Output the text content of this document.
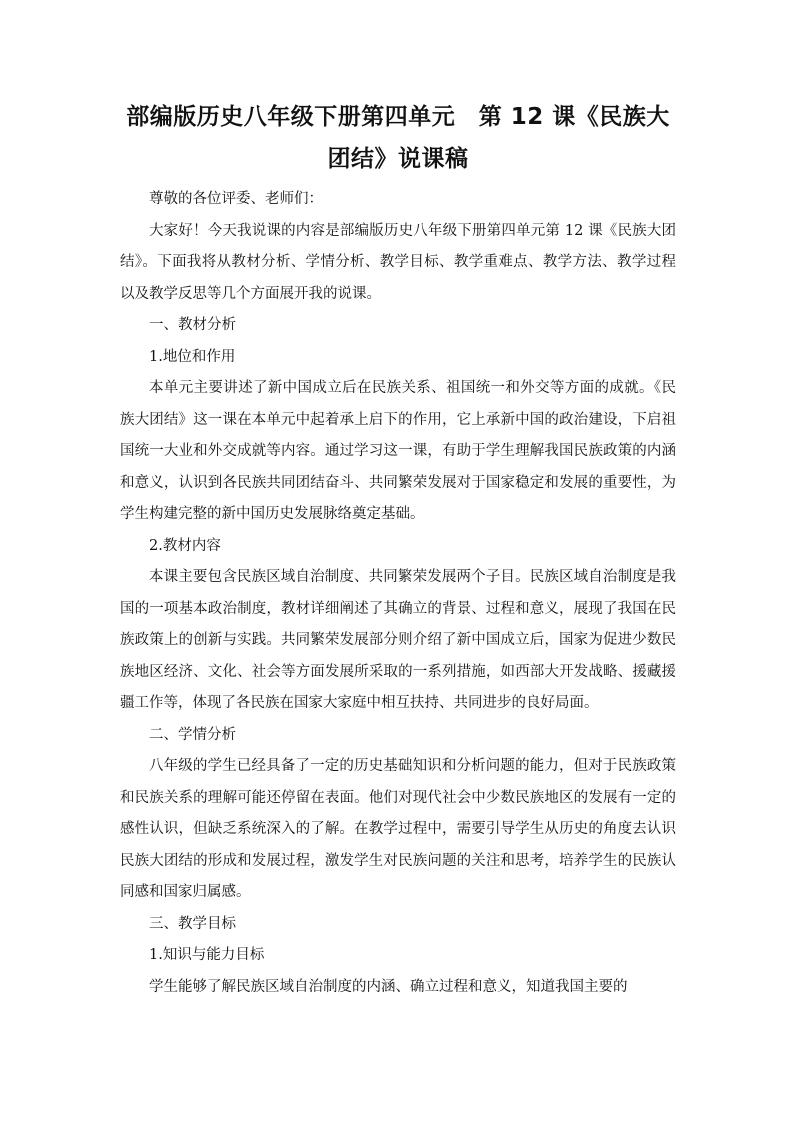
部编版历史八年级下册第四单元　第 12 课《民族大
团结》说课稿

尊敬的各位评委、老师们：

大家好！今天我说课的内容是部编版历史八年级下册第四单元第 12 课《民族大团结》。下面我将从教材分析、学情分析、教学目标、教学重难点、教学方法、教学过程以及教学反思等几个方面展开我的说课。

一、教材分析

1.地位和作用

本单元主要讲述了新中国成立后在民族关系、祖国统一和外交等方面的成就。《民族大团结》这一课在本单元中起着承上启下的作用，它上承新中国的政治建设，下启祖国统一大业和外交成就等内容。通过学习这一课，有助于学生理解我国民族政策的内涵和意义，认识到各民族共同团结奋斗、共同繁荣发展对于国家稳定和发展的重要性，为学生构建完整的新中国历史发展脉络奠定基础。

2.教材内容

本课主要包含民族区域自治制度、共同繁荣发展两个子目。民族区域自治制度是我国的一项基本政治制度，教材详细阐述了其确立的背景、过程和意义，展现了我国在民族政策上的创新与实践。共同繁荣发展部分则介绍了新中国成立后，国家为促进少数民族地区经济、文化、社会等方面发展所采取的一系列措施，如西部大开发战略、援藏援疆工作等，体现了各民族在国家大家庭中相互扶持、共同进步的良好局面。

二、学情分析

八年级的学生已经具备了一定的历史基础知识和分析问题的能力，但对于民族政策和民族关系的理解可能还停留在表面。他们对现代社会中少数民族地区的发展有一定的感性认识，但缺乏系统深入的了解。在教学过程中，需要引导学生从历史的角度去认识民族大团结的形成和发展过程，激发学生对民族问题的关注和思考，培养学生的民族认同感和国家归属感。

三、教学目标

1.知识与能力目标

学生能够了解民族区域自治制度的内涵、确立过程和意义，知道我国主要的
